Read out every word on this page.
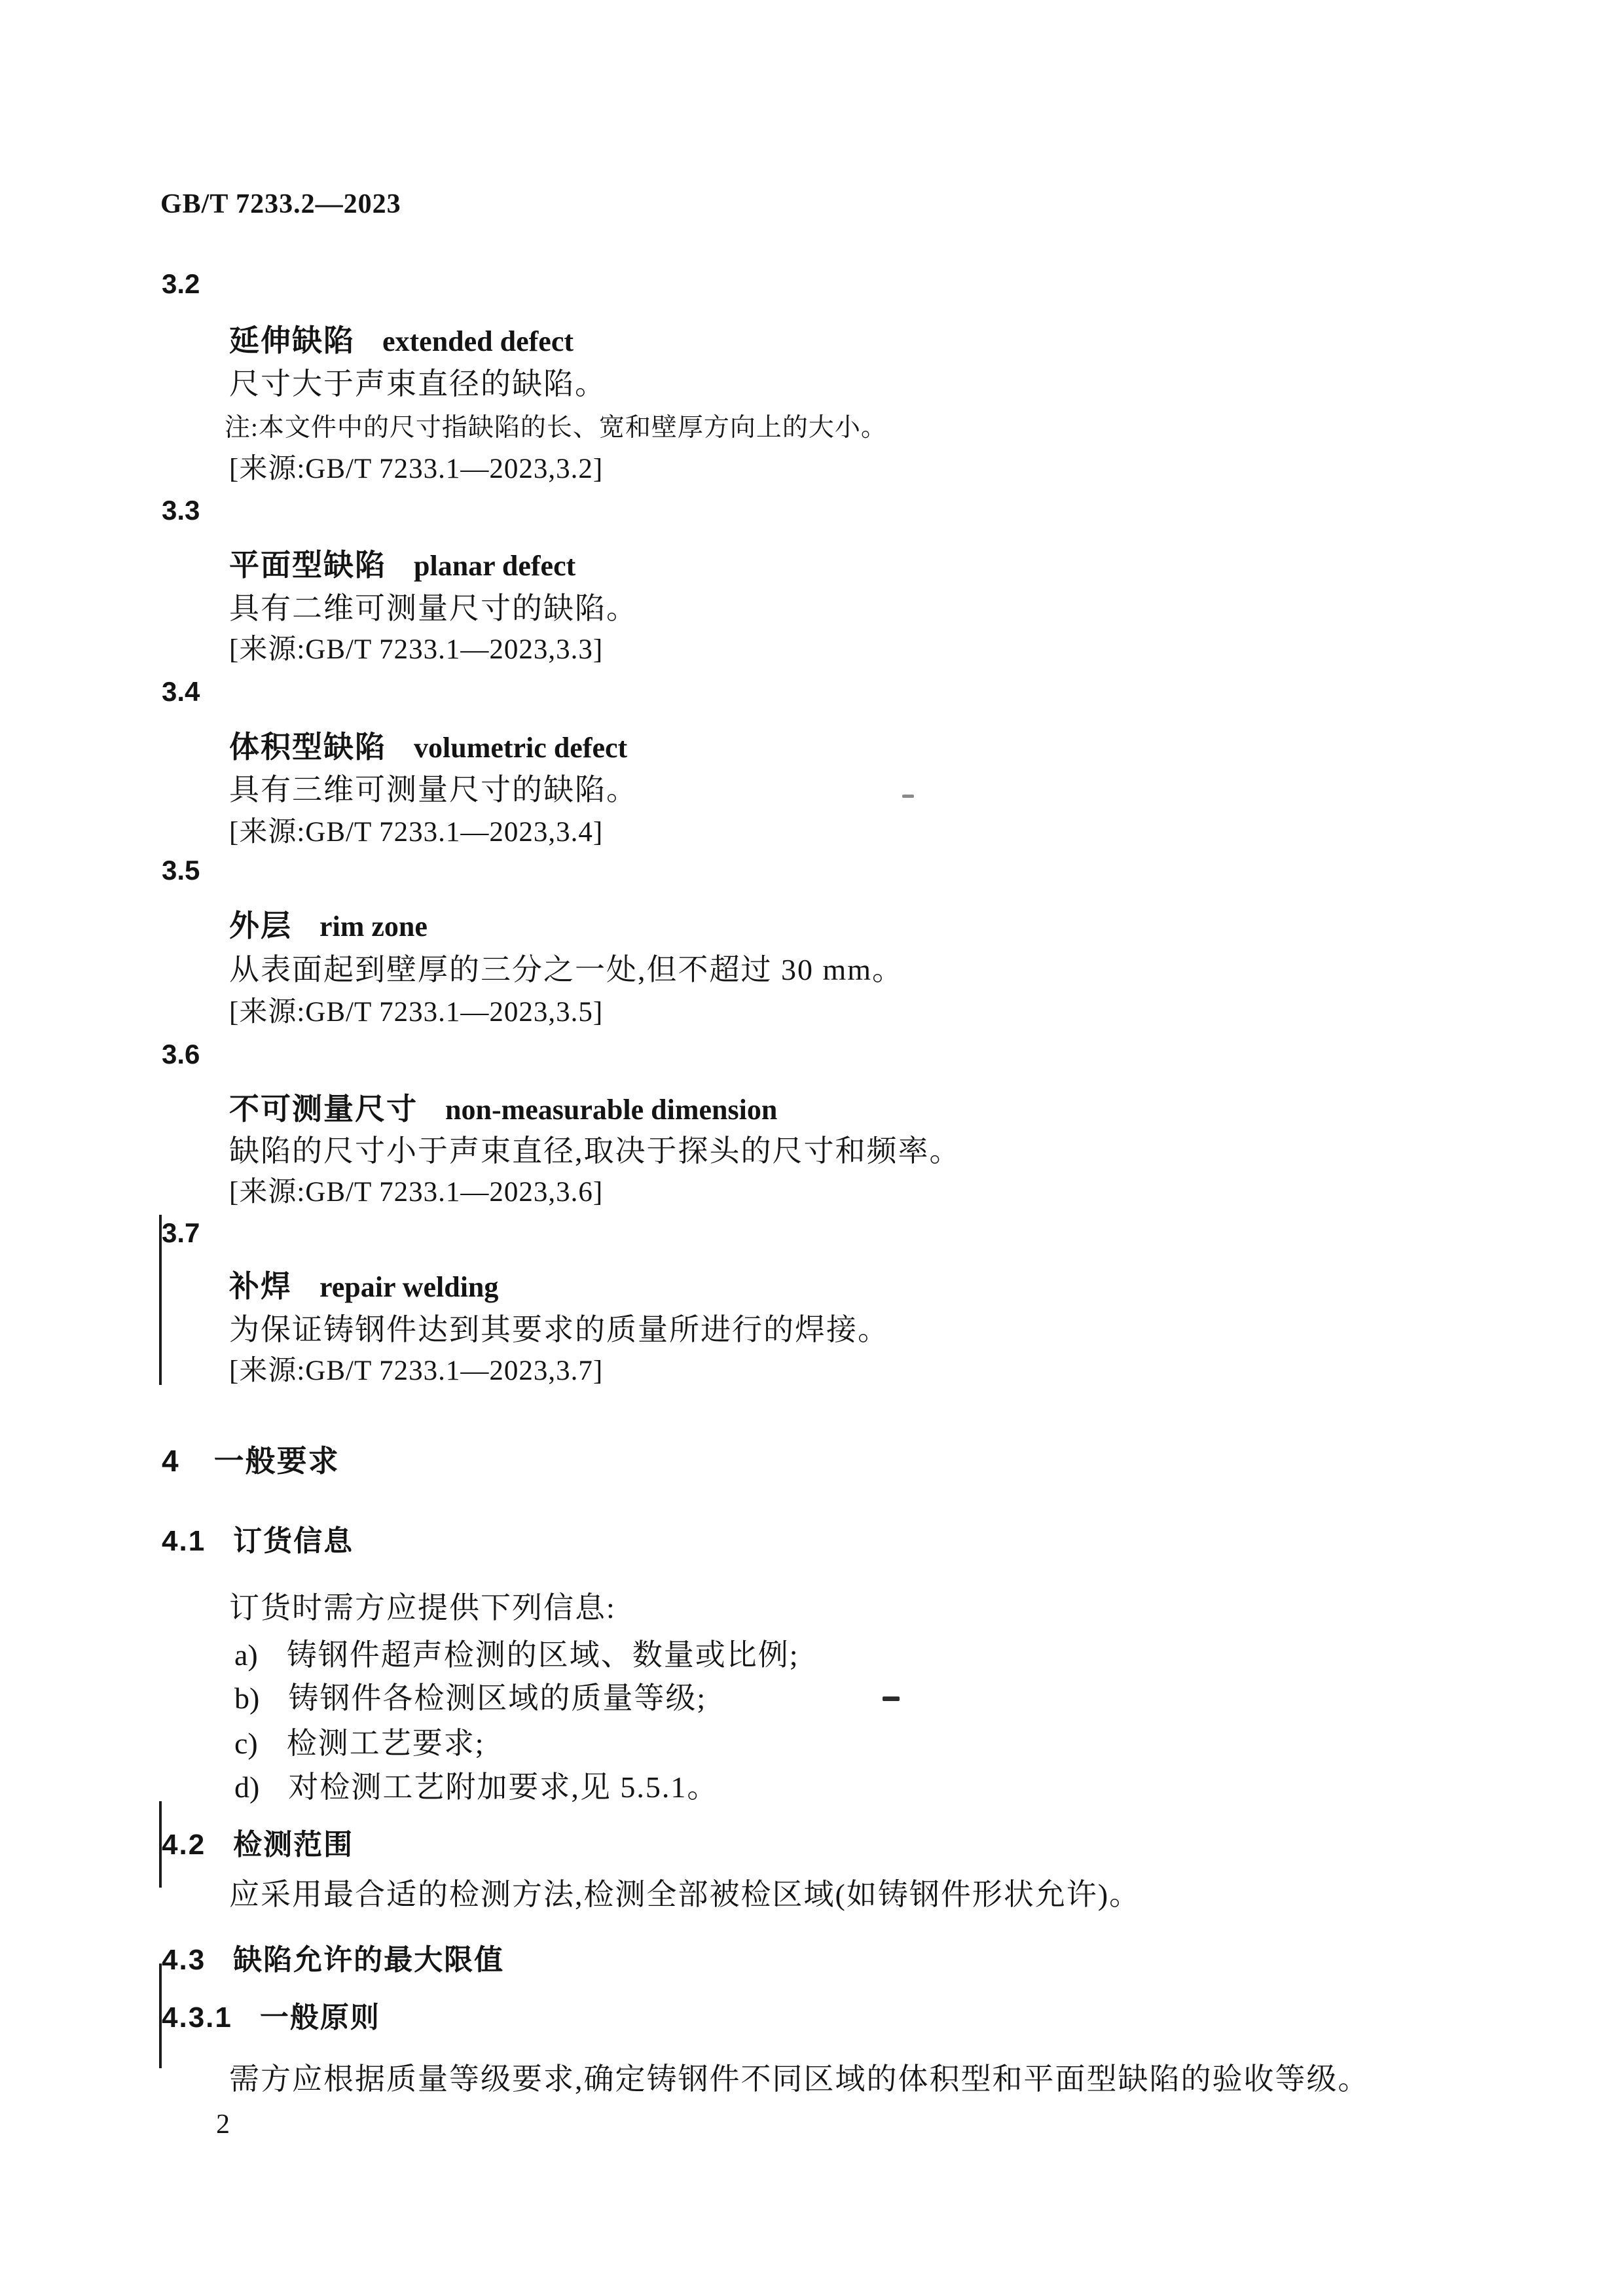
GB/T 7233.2—2023
3.2
延伸缺陷 extended defect
尺寸大于声束直径的缺陷。
注:本文件中的尺寸指缺陷的长、宽和壁厚方向上的大小。
[来源:GB/T 7233.1—2023,3.2]
3.3
平面型缺陷 planar defect
具有二维可测量尺寸的缺陷。
[来源:GB/T 7233.1—2023,3.3]
3.4
体积型缺陷 volumetric defect
具有三维可测量尺寸的缺陷。
[来源:GB/T 7233.1—2023,3.4]
3.5
外层 rim zone
从表面起到壁厚的三分之一处,但不超过 30 mm。
[来源:GB/T 7233.1—2023,3.5]
3.6
不可测量尺寸 non-measurable dimension
缺陷的尺寸小于声束直径,取决于探头的尺寸和频率。
[来源:GB/T 7233.1—2023,3.6]
3.7
补焊 repair welding
为保证铸钢件达到其要求的质量所进行的焊接。
[来源:GB/T 7233.1—2023,3.7]
4 一般要求
4.1 订货信息
订货时需方应提供下列信息:
a) 铸钢件超声检测的区域、数量或比例;
b) 铸钢件各检测区域的质量等级;
c) 检测工艺要求;
d) 对检测工艺附加要求,见 5.5.1。
4.2 检测范围
应采用最合适的检测方法,检测全部被检区域(如铸钢件形状允许)。
4.3 缺陷允许的最大限值
4.3.1 一般原则
需方应根据质量等级要求,确定铸钢件不同区域的体积型和平面型缺陷的验收等级。
2
